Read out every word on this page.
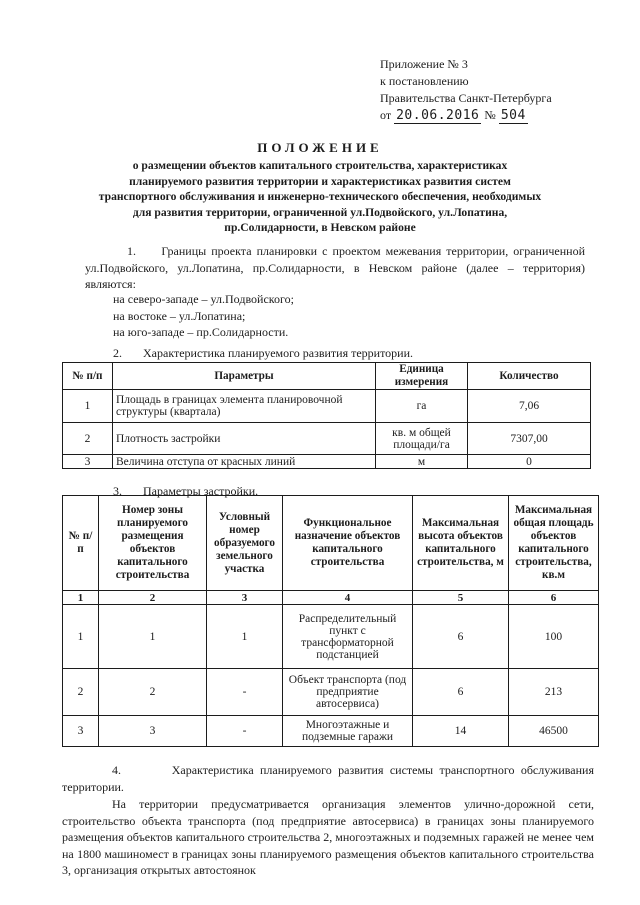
Приложение № 3
к постановлению
Правительства Санкт-Петербурга
от 20.06.2016 № 504
ПОЛОЖЕНИЕ
о размещении объектов капитального строительства, характеристиках планируемого развития территории и характеристиках развития систем транспортного обслуживания и инженерно-технического обеспечения, необходимых для развития территории, ограниченной ул.Подвойского, ул.Лопатина, пр.Солидарности, в Невском районе
1.     Границы проекта планировки с проектом межевания территории, ограниченной ул.Подвойского, ул.Лопатина, пр.Солидарности, в Невском районе (далее – территория) являются:
на северо-западе – ул.Подвойского;
на востоке – ул.Лопатина;
на юго-западе – пр.Солидарности.
2.       Характеристика планируемого развития территории.
№ п/п	Параметры	Единица измерения	Количество
1	Площадь в границах элемента планировочной структуры (квартала)	га	7,06
2	Плотность застройки	кв. м общей площади/га	7307,00
3	Величина отступа от красных линий	м	0
3.       Параметры застройки.
№ п/п	Номер зоны планируемого размещения объектов капитального строительства	Условный номер образуемого земельного участка	Функциональное назначение объектов капитального строительства	Максимальная высота объектов капитального строительства, м	Максимальная общая площадь объектов капитального строительства, кв.м
1	2	3	4	5	6
1	1	1	Распределительный пункт с трансформаторной подстанцией	6	100
2	2	-	Объект транспорта (под предприятие автосервиса)	6	213
3	3	-	Многоэтажные и подземные гаражи	14	46500
4.        Характеристика планируемого развития системы транспортного обслуживания территории.
На территории предусматривается организация элементов улично-дорожной сети, строительство объекта транспорта (под предприятие автосервиса) в границах зоны планируемого размещения объектов капитального строительства 2, многоэтажных и подземных гаражей не менее чем на 1800 машиномест в границах зоны планируемого размещения объектов капитального строительства 3, организация открытых автостоянок
